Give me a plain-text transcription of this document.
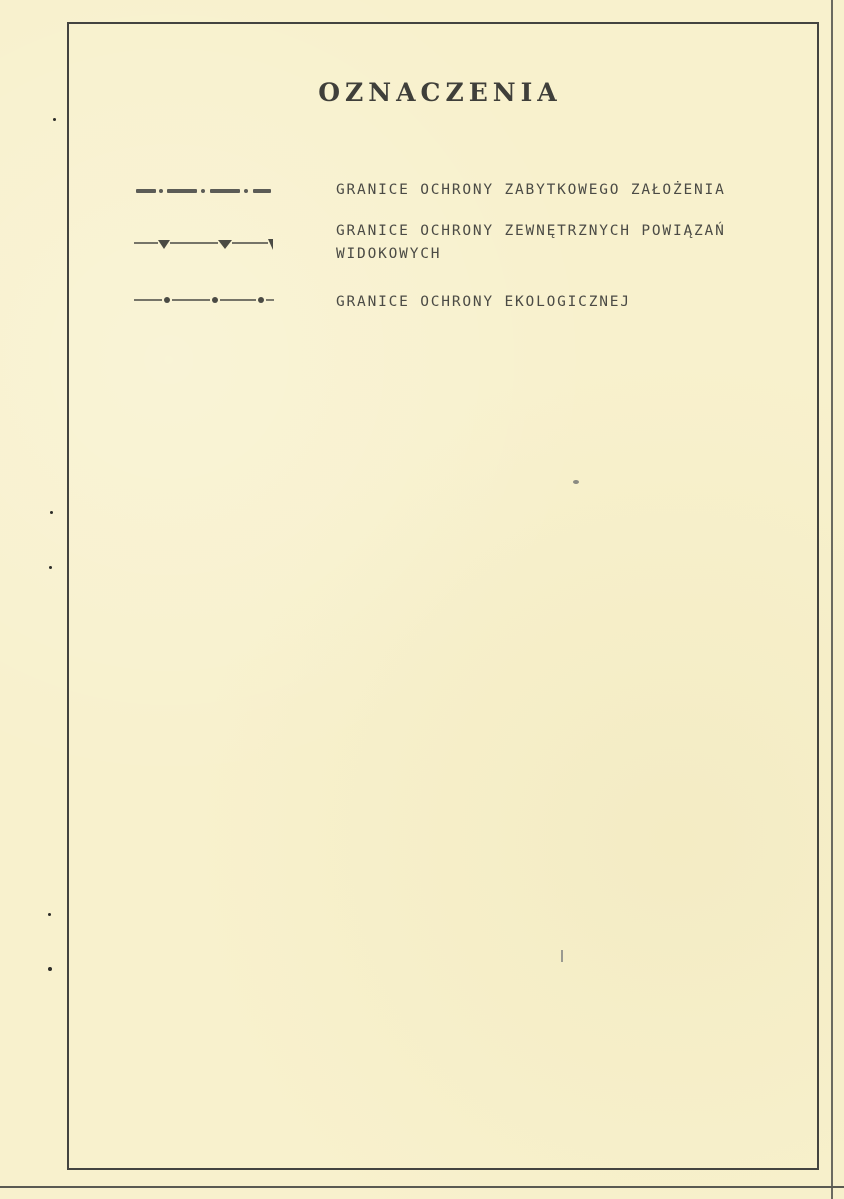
OZNACZENIA
GRANICE OCHRONY ZABYTKOWEGO ZAŁOŻENIA
GRANICE OCHRONY ZEWNĘTRZNYCH POWIĄZAŃ WIDOKOWYCH
GRANICE OCHRONY EKOLOGICZNEJ
